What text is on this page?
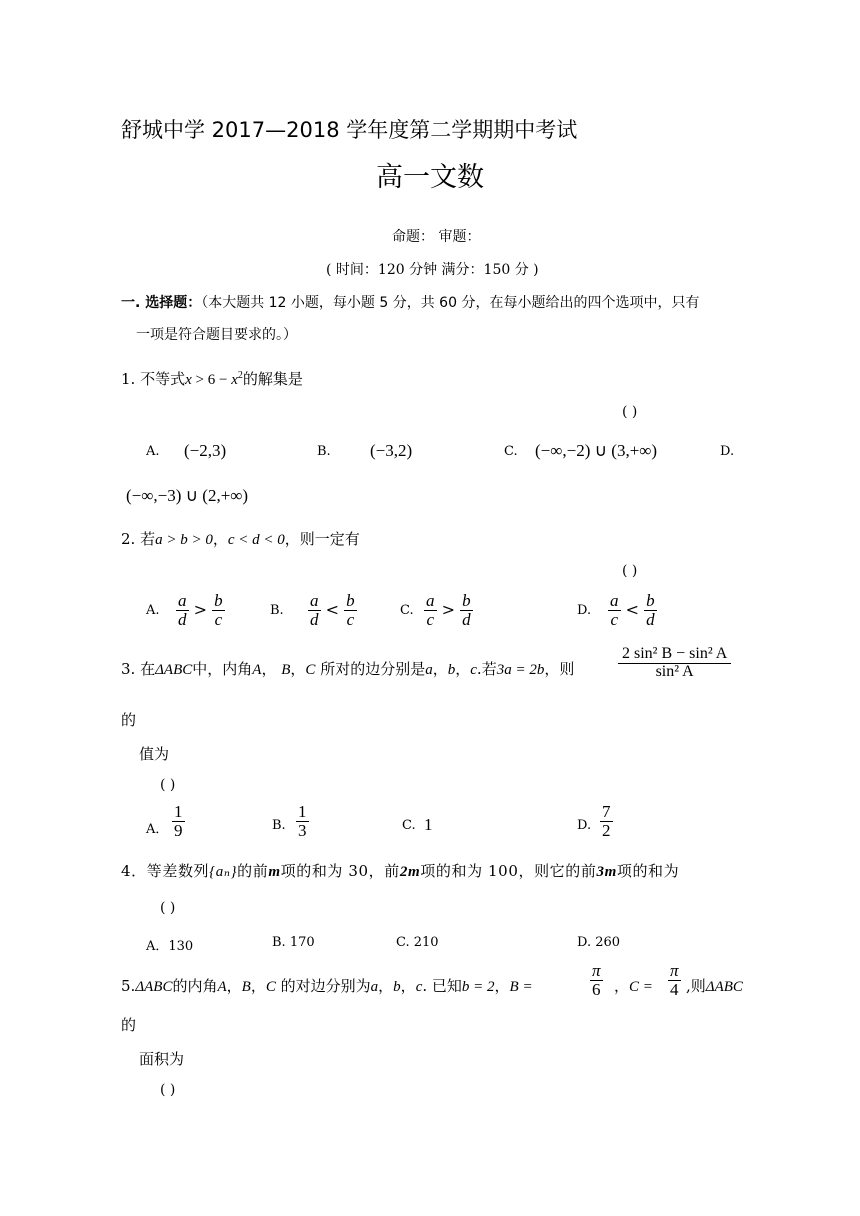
舒城中学 2017—2018 学年度第二学期期中考试
高一文数
命题： 审题：
( 时间：120 分钟 满分：150 分 )
一. 选择题：（本大题共 12 小题，每小题 5 分，共 60 分，在每小题给出的四个选项中，只有
一项是符合题目要求的。）
1. 不等式$x > 6 - x^2$的解集是
( )
A. (−2,3)	B. (−3,2)	C. (−∞,−2) ∪ (3,+∞)	D.
(−∞,−3) ∪ (2,+∞)
2. 若a > b > 0，c < d < 0，则一定有
( )
A. $\frac{a}{d} > \frac{b}{c}$	B. $\frac{a}{d} < \frac{b}{c}$	C. $\frac{a}{c} > \frac{b}{d}$	D. $\frac{a}{c} < \frac{b}{d}$
3. 在ΔABC中，内角A， B，C 所对的边分别是a，b，c.若3a = 2b，则	$\frac{\text{2 sin² B − sin² A}}{\text{sin² A}}$
的
值为
( )
A． $\frac{1}{9}$	B. $\frac{1}{3}$	C. 1	D. $\frac{7}{2}$
4．等差数列{aₙ}的前m项的和为 30，前2m项的和为 100，则它的前3m项的和为
( )
A．130	B. 170	C. 210	D. 260
5.ΔABC的内角A，B，C 的对边分别为a，b，c. 已知b = 2，B =	$\frac{\pi}{6}$ ，$C = \frac{\pi}{4}$ ,则ΔABC
的
面积为
( )
